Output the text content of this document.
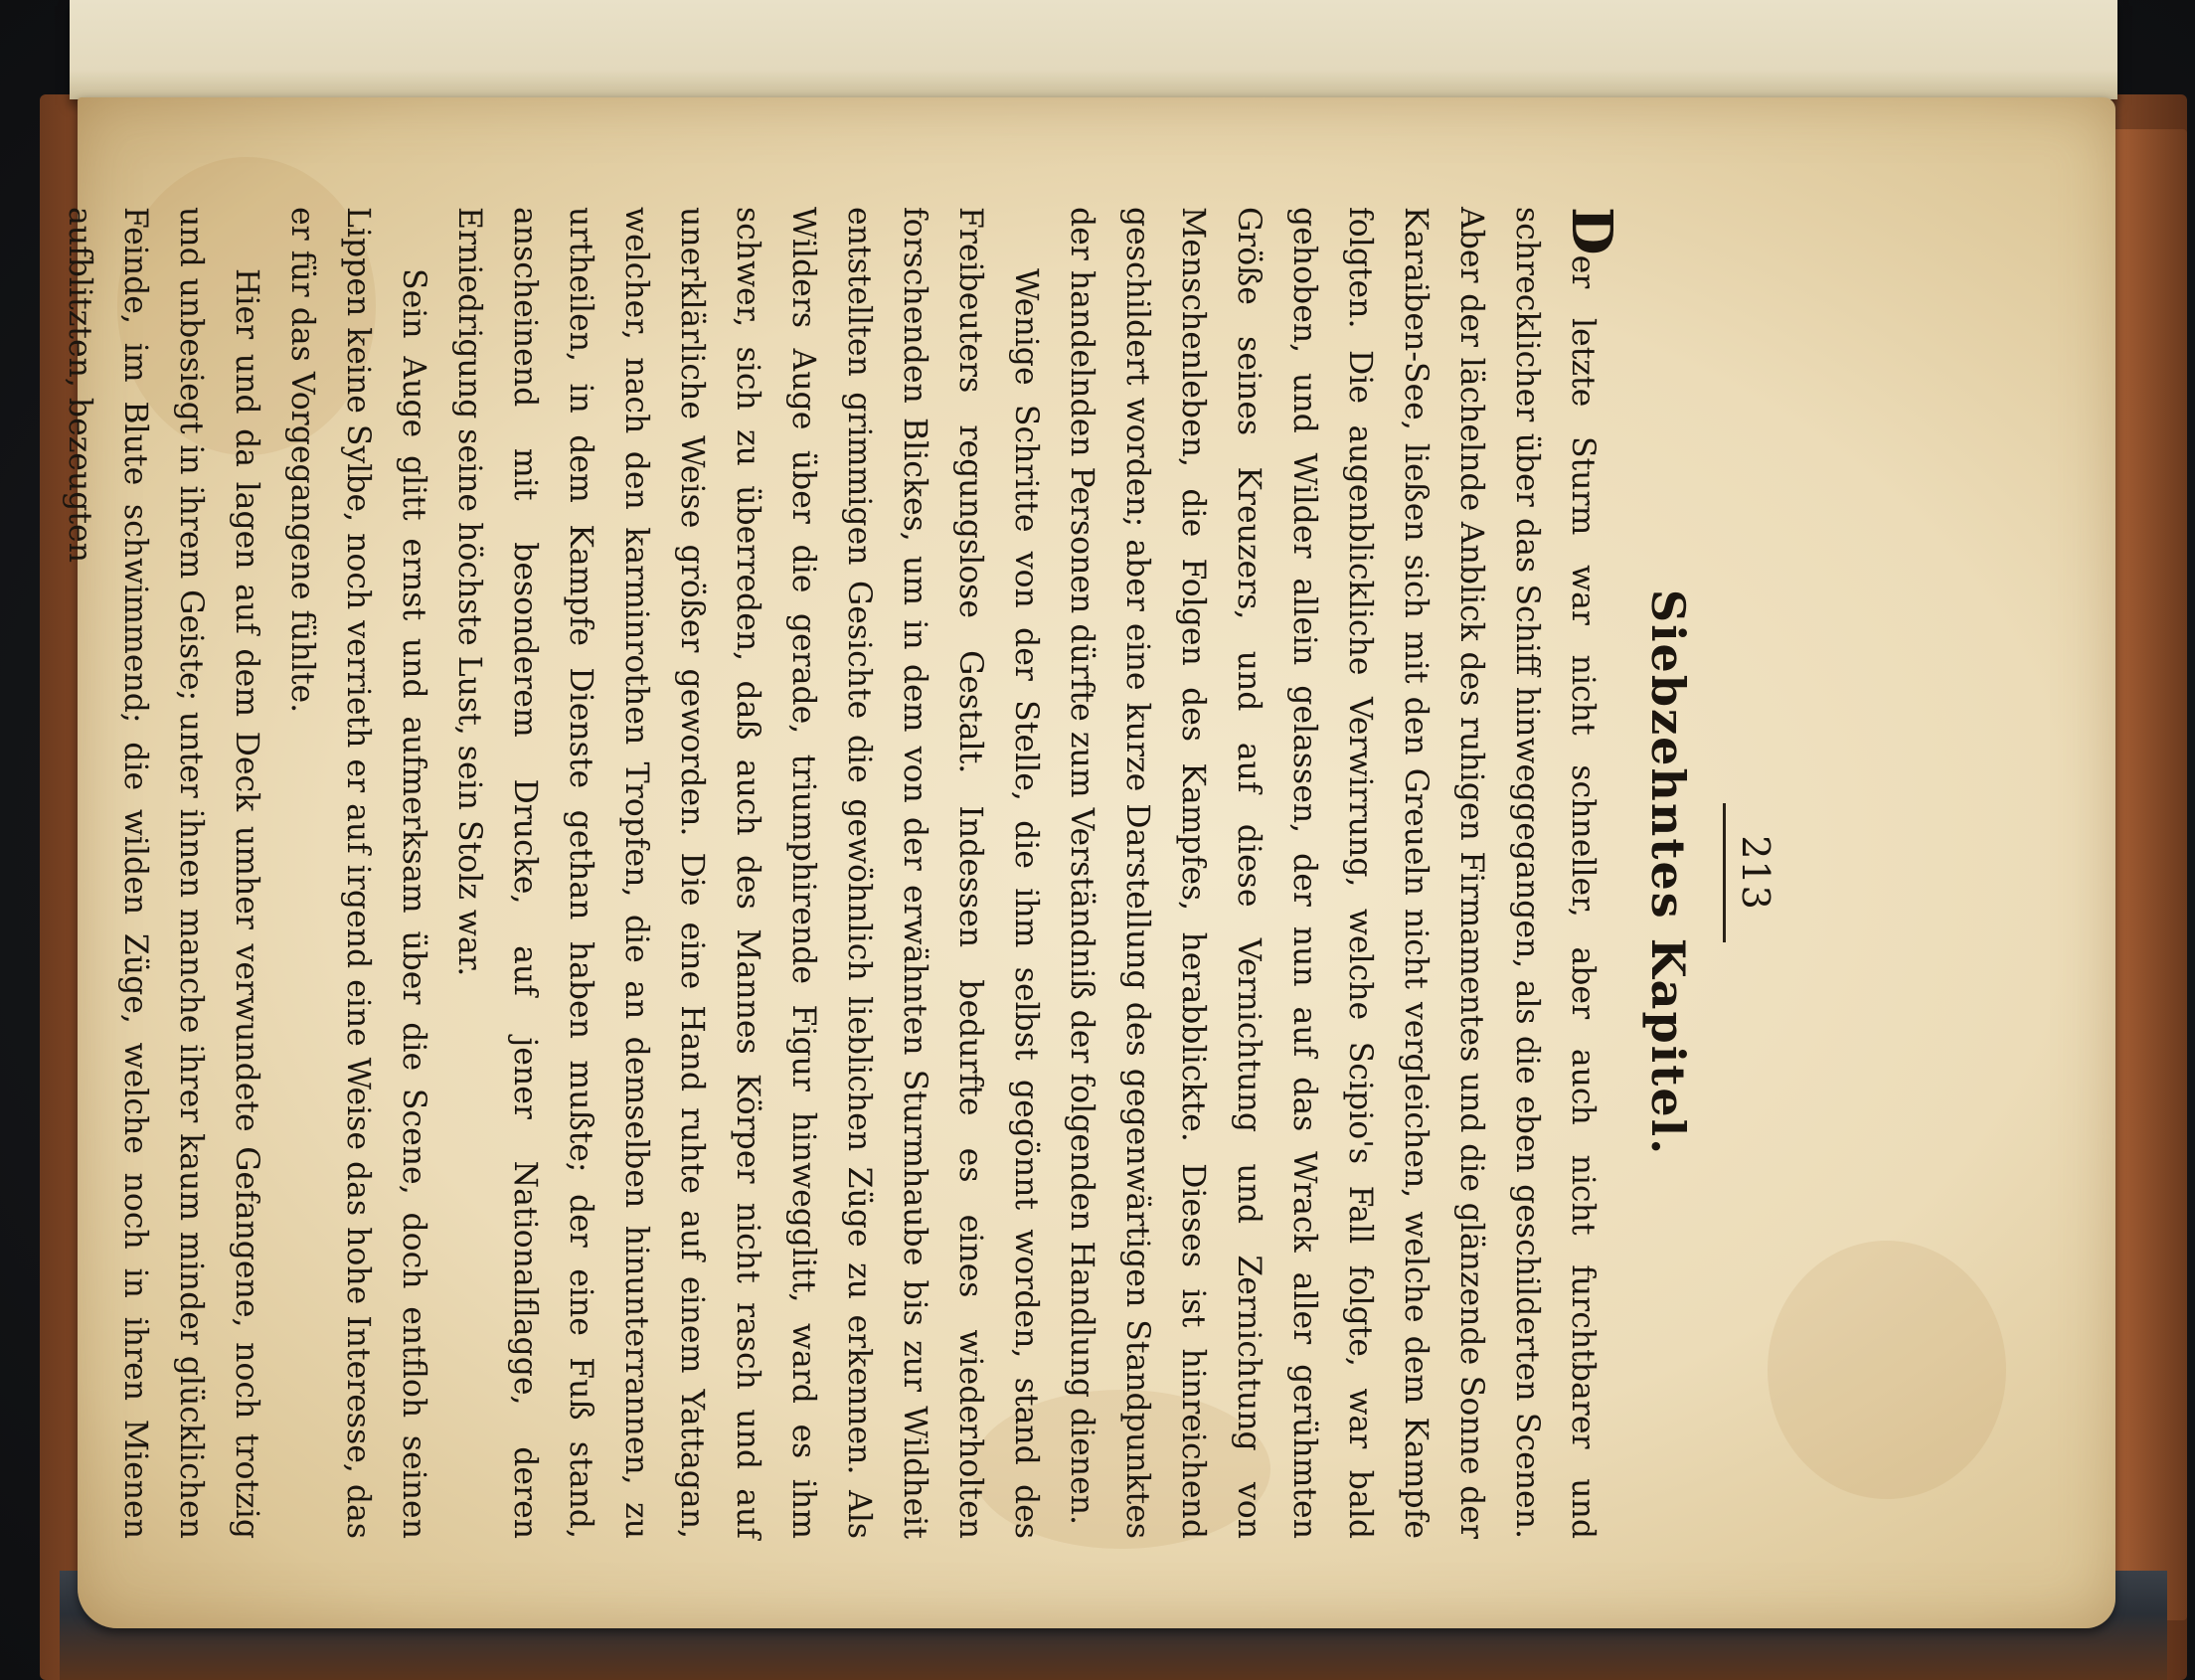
213
Siebzehntes Kapitel.

Der letzte Sturm war nicht schneller, aber auch nicht furchtbarer und schrecklicher über das Schiff hinweggegangen, als die eben geschilderten Scenen. Aber der lächelnde Anblick des ruhigen Firmamentes und die glänzende Sonne der Karaiben-See, ließen sich mit den Greueln nicht vergleichen, welche dem Kampfe folgten. Die augenblickliche Verwirrung, welche Scipio's Fall folgte, war bald gehoben, und Wilder allein gelassen, der nun auf das Wrack aller gerühmten Größe seines Kreuzers, und auf diese Vernichtung und Zernichtung von Menschenleben, die Folgen des Kampfes, herabblickte. Dieses ist hinreichend geschildert worden; aber eine kurze Darstellung des gegenwärtigen Standpunktes der handelnden Personen dürfte zum Verständniß der folgenden Handlung dienen.

Wenige Schritte von der Stelle, die ihm selbst gegönnt worden, stand des Freibeuters regungslose Gestalt. Indessen bedurfte es eines wiederholten forschenden Blickes, um in dem von der erwähnten Sturmhaube bis zur Wildheit entstellten grimmigen Gesichte die gewöhnlich lieblichen Züge zu erkennen. Als Wilders Auge über die gerade, triumphirende Figur hinwegglitt, ward es ihm schwer, sich zu überreden, daß auch des Mannes Körper nicht rasch und auf unerklärliche Weise größer geworden. Die eine Hand ruhte auf einem Yattagan, welcher, nach den karminrothen Tropfen, die an demselben hinunterrannen, zu urtheilen, in dem Kampfe Dienste gethan haben mußte; der eine Fuß stand, anscheinend mit besonderem Drucke, auf jener Nationalflagge, deren Erniedrigung seine höchste Lust, sein Stolz war.

Sein Auge glitt ernst und aufmerksam über die Scene, doch entfloh seinen Lippen keine Sylbe, noch verrieth er auf irgend eine Weise das hohe Interesse, das er für das Vorgegangene fühlte.

Hier und da lagen auf dem Deck umher verwundete Gefangene, noch trotzig und unbesiegt in ihrem Geiste; unter ihnen manche ihrer kaum minder glücklichen Feinde, im Blute schwimmend; die wilden Züge, welche noch in ihren Mienen aufblitzten, bezeugten
